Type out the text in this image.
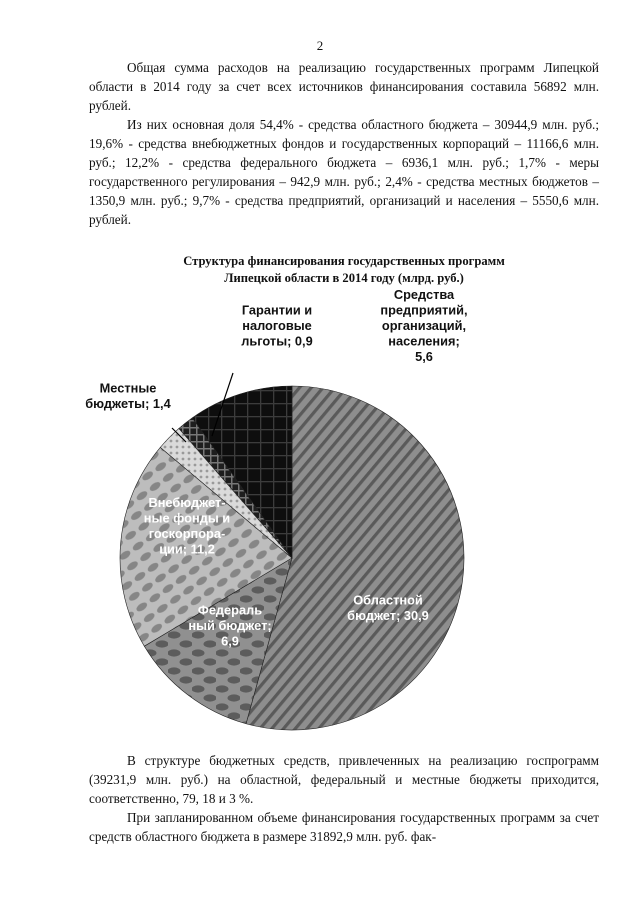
2

Общая сумма расходов на реализацию государственных программ Липецкой области в 2014 году за счет всех источников финансирования составила 56892 млн. рублей.

Из них основная доля 54,4% - средства областного бюджета – 30944,9 млн. руб.; 19,6% - средства внебюджетных фондов и государственных корпораций – 11166,6 млн. руб.; 12,2% - средства федерального бюджета – 6936,1 млн. руб.; 1,7% - меры государственного регулирования – 942,9 млн. руб.; 2,4% - средства местных бюджетов – 1350,9 млн. руб.; 9,7% - средства предприятий, организаций и населения – 5550,6 млн. рублей.

Структура финансирования государственных программ
Липецкой области в 2014 году (млрд. руб.)
Областной бюджет; 30,9
Федераль ный бюджет; 6,9
Внебюджет-ные фонды и госкорпора-ции; 11,2
Местные бюджеты; 1,4
Гарантии и налоговые льготы; 0,9
Средства предприятий, организаций, населения; 5,6

В структуре бюджетных средств, привлеченных на реализацию госпрограмм (39231,9 млн. руб.) на областной, федеральный и местные бюджеты приходится, соответственно, 79, 18 и 3 %.

При запланированном объеме финансирования государственных программ за счет средств областного бюджета в размере 31892,9 млн. руб. фак-
